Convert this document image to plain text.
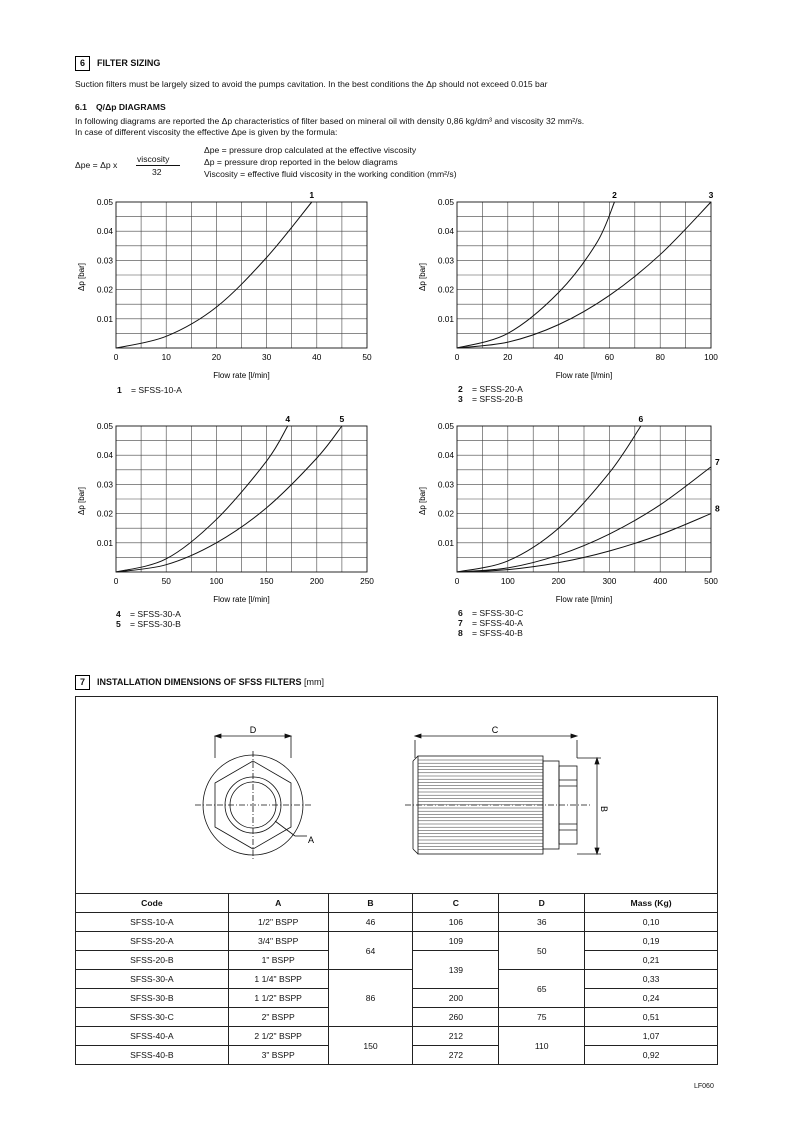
6	FILTER SIZING
Suction filters must be largely sized to avoid the pumps cavitation. In the best conditions the Δp should not exceed 0.015 bar
6.1 Q/Δp DIAGRAMS
In following diagrams are reported the Δp characteristics of filter based on mineral oil with density 0,86 kg/dm³ and viscosity 32 mm²/s.
In case of different viscosity the effective Δpe is given by the formula:
Δpe = Δp x
viscosity
32
Δpe = pressure drop calculated at the effective viscosity
Δp = pressure drop reported in the below diagrams
Viscosity = effective fluid viscosity in the working condition (mm²/s)
0.01
0.02
0.03
0.04
0.05
0	10	20	30	40	50
Flow rate [l/min]
Δp [bar]
1
0.01
0.02
0.03
0.04
0.05
0	20	40	60	80	100
Flow rate [l/min]
Δp [bar]
2	3
0.01
0.02
0.03
0.04
0.05
0	50	100	150	200	250
Flow rate [l/min]
Δp [bar]
4	5
0.01
0.02
0.03
0.04
0.05
0	100	200	300	400	500
Flow rate [l/min]
Δp [bar]
6
7
8
1 = SFSS-10-A	2 = SFSS-20-A
3 = SFSS-20-B
4 = SFSS-30-A
5 = SFSS-30-B
6 = SFSS-30-C
7 = SFSS-40-A
8 = SFSS-40-B
7	INSTALLATION DIMENSIONS OF SFSS FILTERS [mm]
D
A
C
B
Code	A	B	C	D	Mass (Kg)
SFSS-10-A	1/2" BSPP	46	106	36	0,10
SFSS-20-A	3/4" BSPP	64	109	50	0,19
SFSS-20-B	1" BSPP		139		0,21
SFSS-30-A	1 1/4" BSPP	86		65	0,33
SFSS-30-B	1 1/2" BSPP		200		0,24
SFSS-30-C	2" BSPP		260	75	0,51
SFSS-40-A	2 1/2" BSPP	150	212	110	1,07
SFSS-40-B	3" BSPP		272		0,92
LF060
